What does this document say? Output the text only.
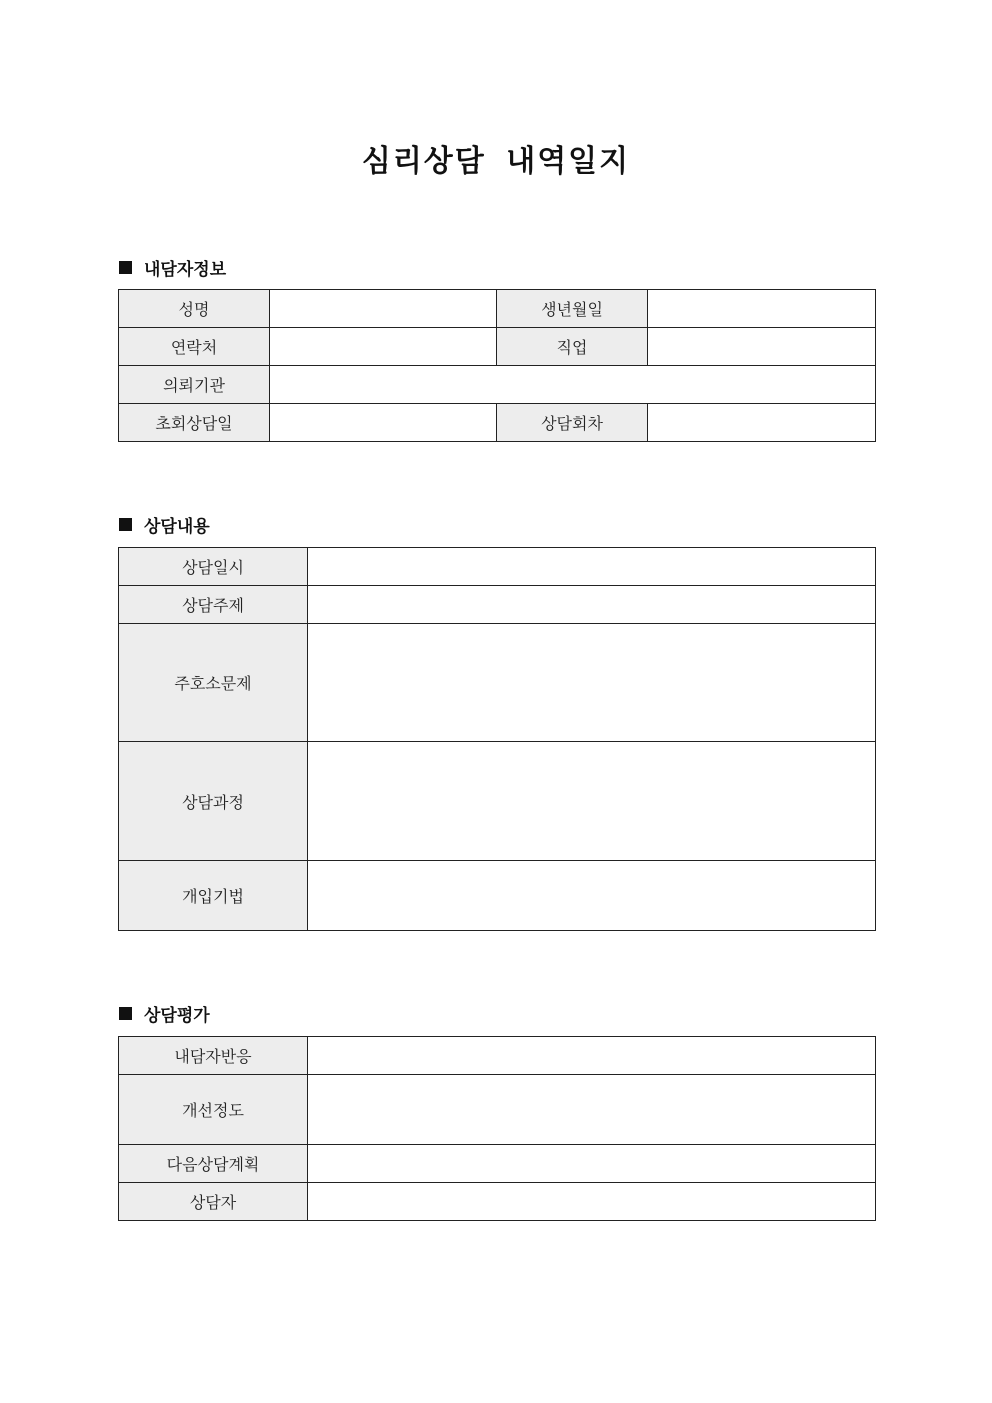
심리상담 내역일지
내담자정보
성명		생년월일	
연락처		직업	
의뢰기관			
초회상담일		상담회차	
상담내용
상담일시	
상담주제	
주호소문제	
상담과정	
개입기법	
상담평가
내담자반응	
개선정도	
다음상담계획	
상담자	
